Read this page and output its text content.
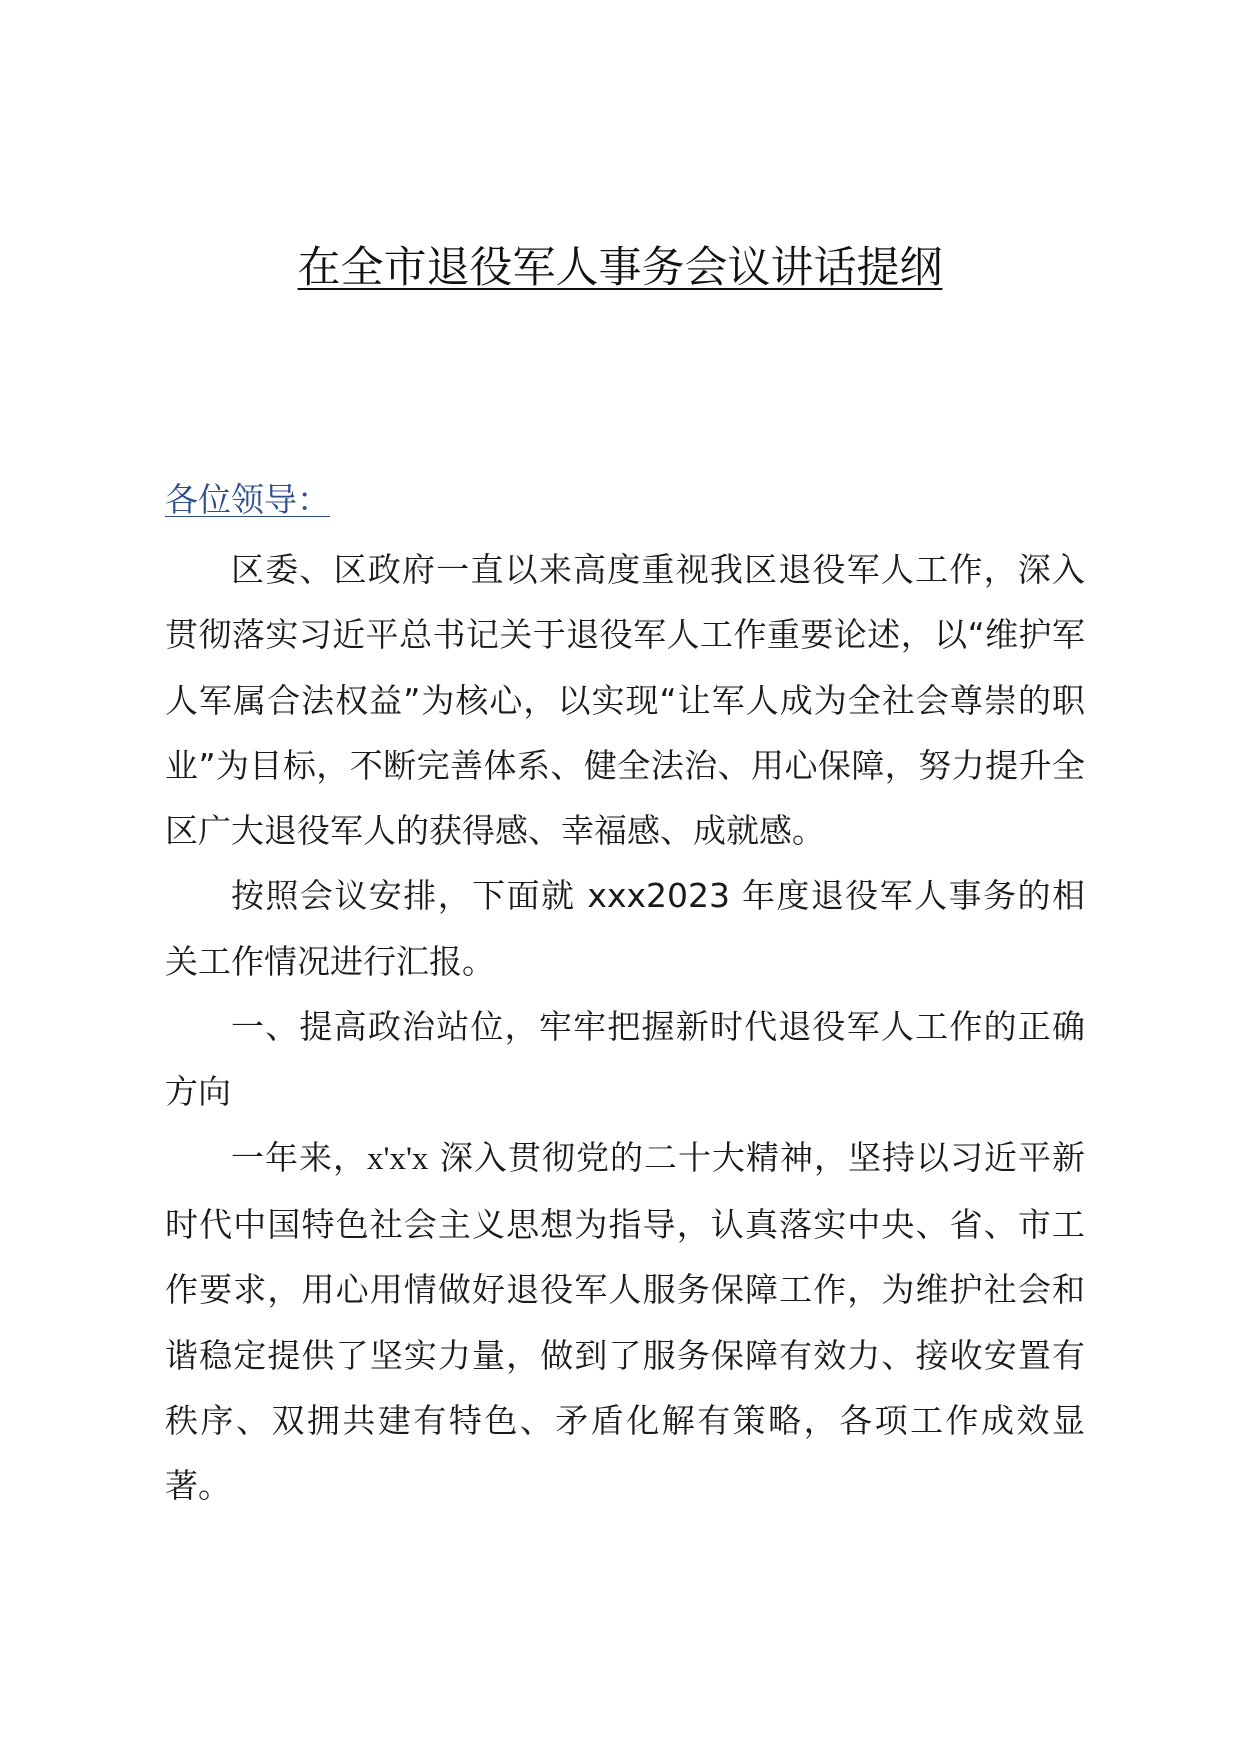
在全市退役军人事务会议讲话提纲
各位领导：

区委、区政府一直以来高度重视我区退役军人工作，深入贯彻落实习近平总书记关于退役军人工作重要论述，以“维护军人军属合法权益”为核心，以实现“让军人成为全社会尊崇的职业”为目标，不断完善体系、健全法治、用心保障，努力提升全区广大退役军人的获得感、幸福感、成就感。

按照会议安排，下面就 xxx2023 年度退役军人事务的相关工作情况进行汇报。

一、提高政治站位，牢牢把握新时代退役军人工作的正确方向

一年来，x'x'x 深入贯彻党的二十大精神，坚持以习近平新时代中国特色社会主义思想为指导，认真落实中央、省、市工作要求，用心用情做好退役军人服务保障工作，为维护社会和谐稳定提供了坚实力量，做到了服务保障有效力、接收安置有秩序、双拥共建有特色、矛盾化解有策略，各项工作成效显著。
